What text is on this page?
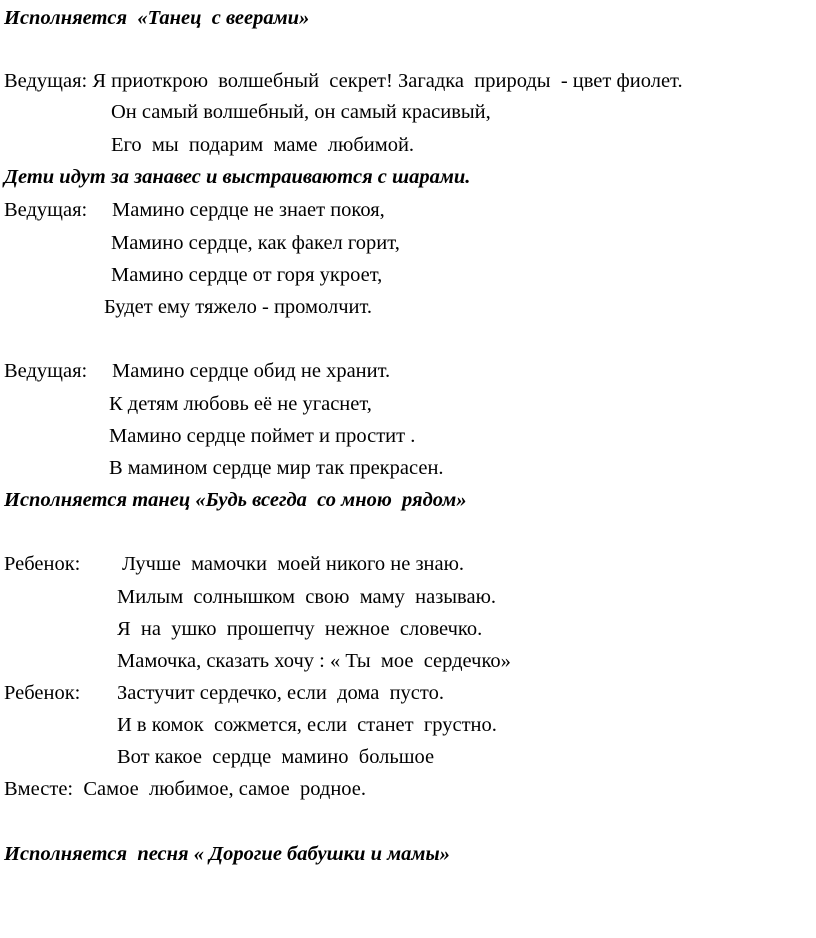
Исполняется  «Танец  с веерами»
Ведущая: Я приоткрою  волшебный  секрет! Загадка  природы  - цвет фиолет.
Он самый волшебный, он самый красивый,
Его  мы  подарим  маме  любимой.
Дети идут за занавес и выстраиваются с шарами.
Ведущая: Мамино сердце не знает покоя,
Мамино сердце, как факел горит,
Мамино сердце от горя укроет,
Будет ему тяжело - промолчит.
Ведущая: Мамино сердце обид не хранит.
К детям любовь её не угаснет,
Мамино сердце поймет и простит .
В мамином сердце мир так прекрасен.
Исполняется танец «Будь всегда  со мною  рядом»
Ребенок: Лучше  мамочки  моей никого не знаю.
Милым  солнышком  свою  маму  называю.
Я  на  ушко  прошепчу  нежное  словечко.
Мамочка, сказать хочу : « Ты  мое  сердечко»
Ребенок: Застучит сердечко, если  дома  пусто.
И в комок  сожмется, если  станет  грустно.
Вот какое  сердце  мамино  большое
Вместе:  Самое  любимое, самое  родное.
Исполняется  песня « Дорогие бабушки и мамы»
